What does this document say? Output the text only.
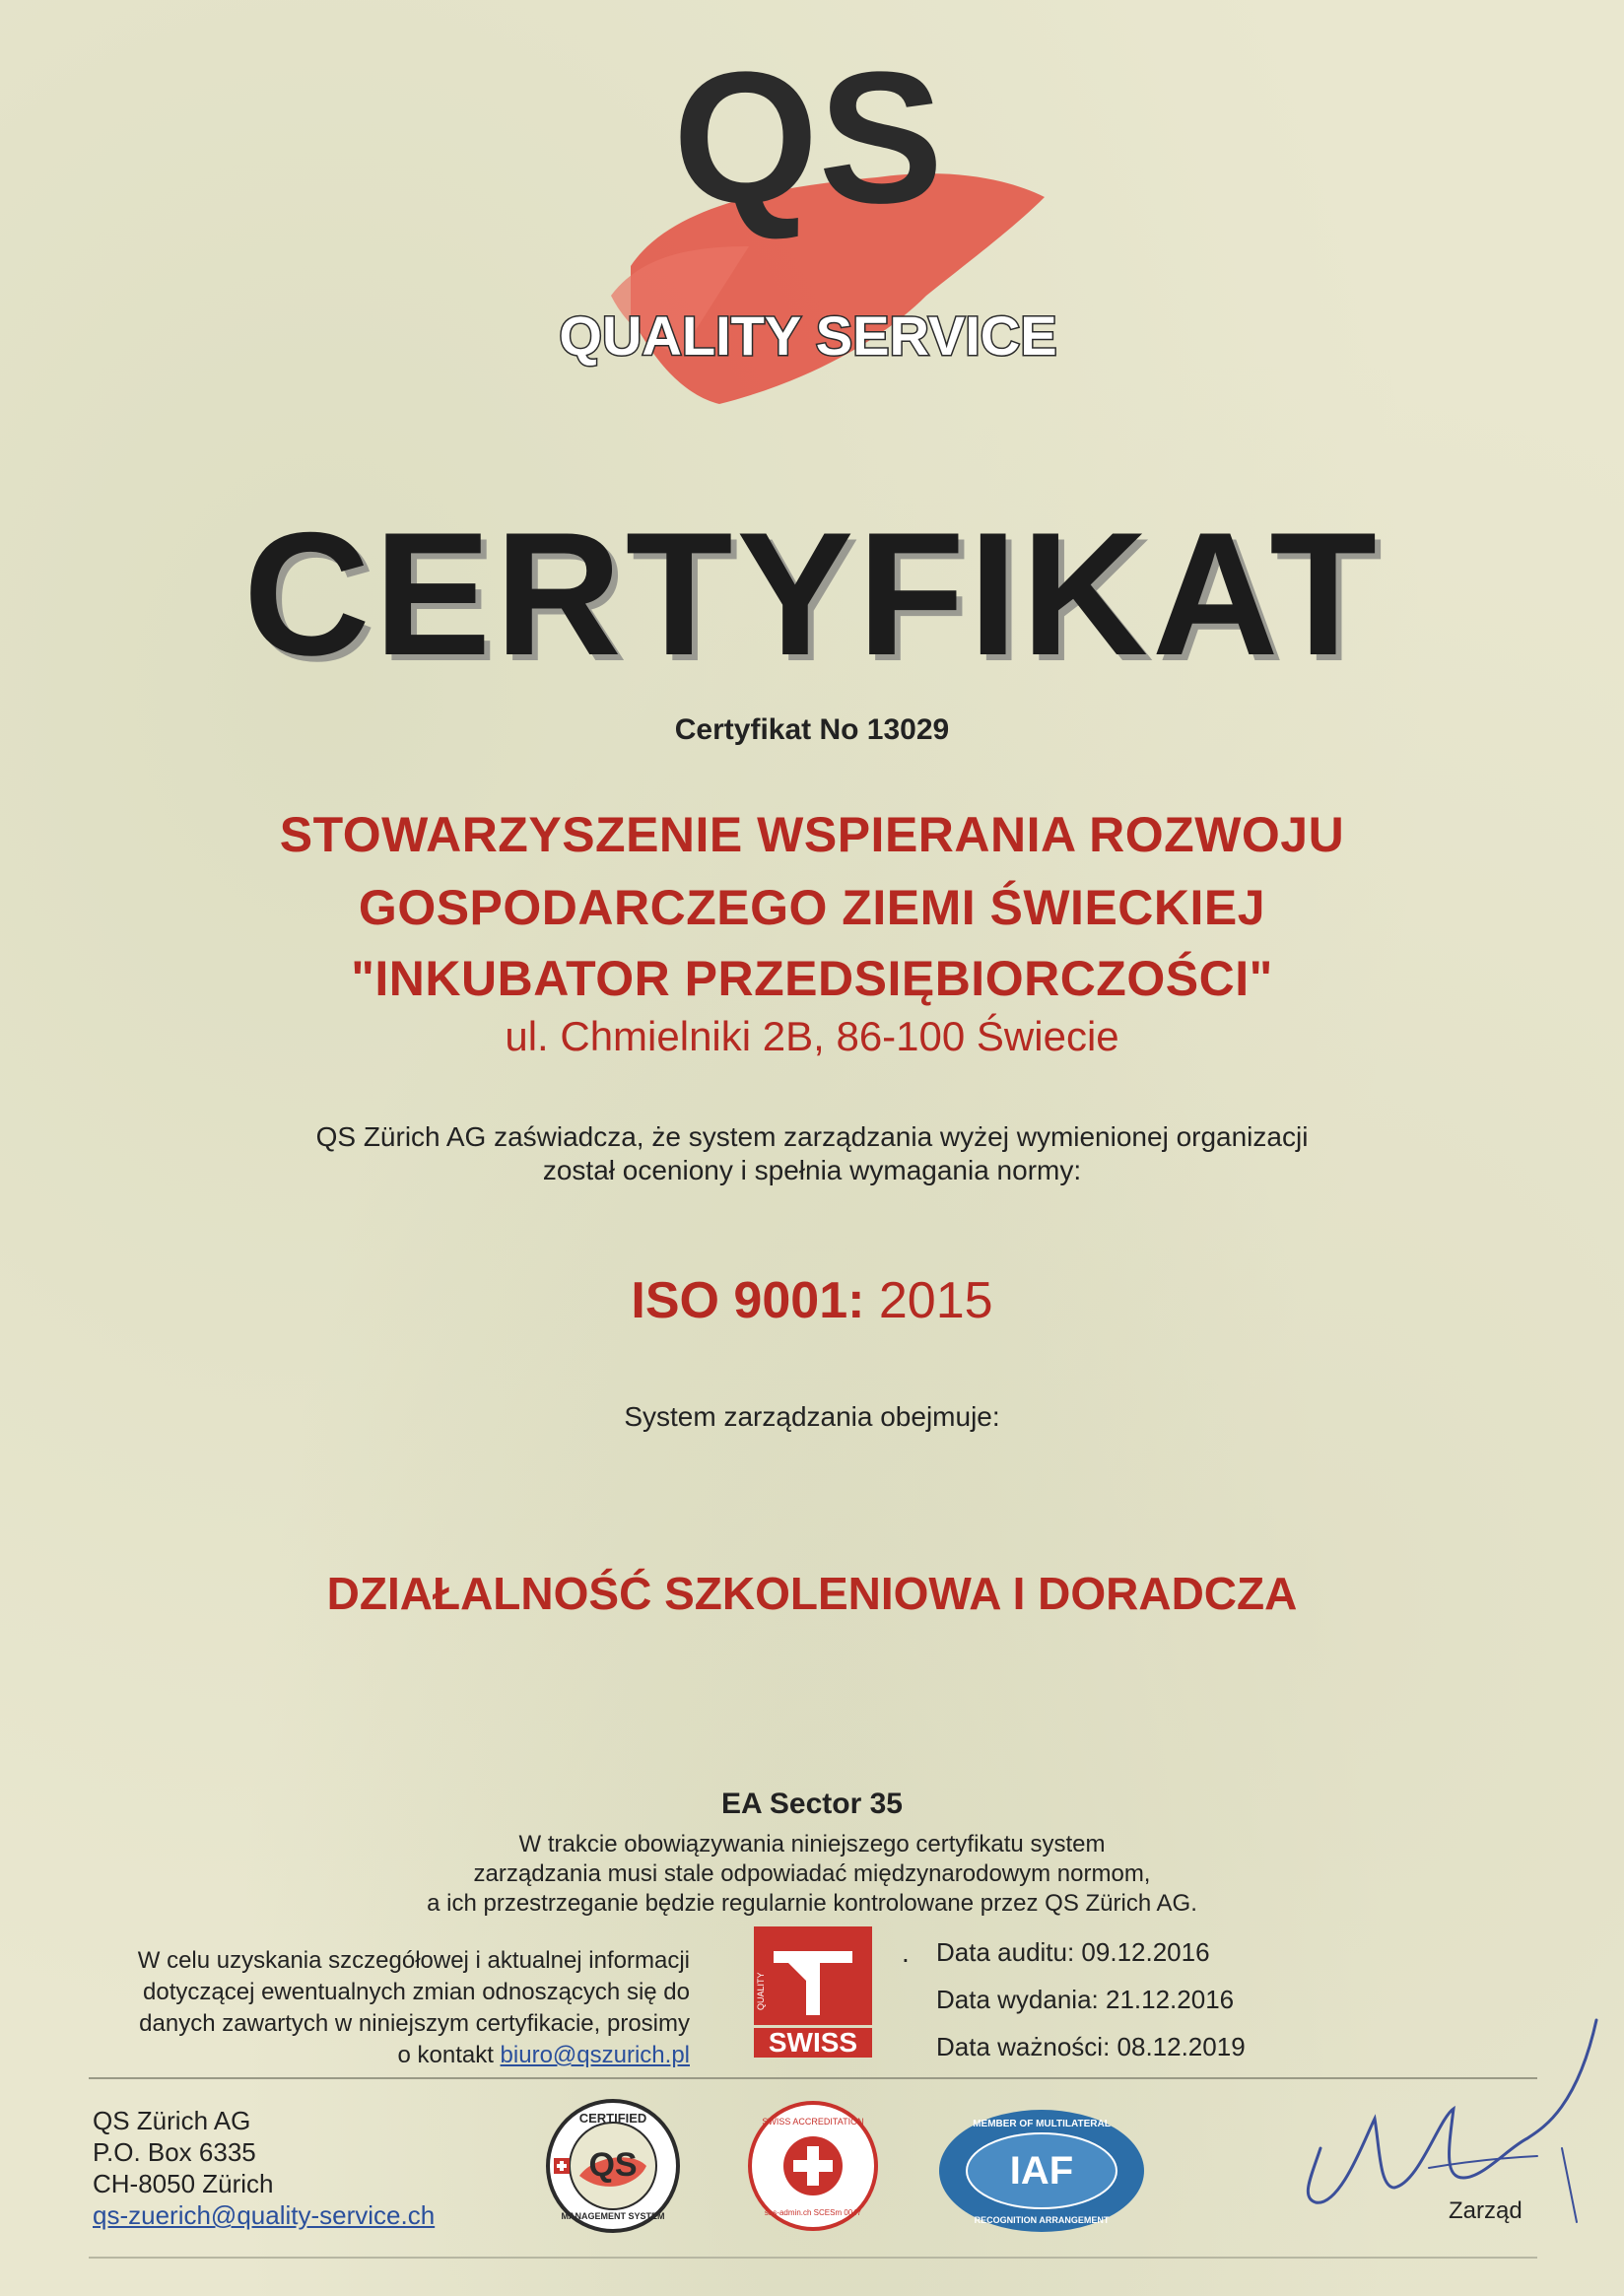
QS
QUALITY SERVICE
CERTYFIKAT
Certyfikat No 13029
STOWARZYSZENIE WSPIERANIA ROZWOJU
GOSPODARCZEGO ZIEMI ŚWIECKIEJ
"INKUBATOR PRZEDSIĘBIORCZOŚCI"
ul. Chmielniki 2B, 86-100 Świecie
QS Zürich AG zaświadcza, że system zarządzania wyżej wymienionej organizacji
został oceniony i spełnia wymagania normy:
ISO 9001: 2015
System zarządzania obejmuje:
DZIAŁALNOŚĆ SZKOLENIOWA I DORADCZA
EA Sector 35
W trakcie obowiązywania niniejszego certyfikatu system
zarządzania musi stale odpowiadać międzynarodowym normom,
a ich przestrzeganie będzie regularnie kontrolowane przez QS Zürich AG.
W celu uzyskania szczegółowej i aktualnej informacji
dotyczącej ewentualnych zmian odnoszących się do
danych zawartych w niniejszym certyfikacie, prosimy
o kontakt biuro@qszurich.pl
QUALITY
SWISS
. Data auditu: 09.12.2016
Data wydania: 21.12.2016
Data ważności: 08.12.2019
QS Zürich AG
P.O. Box 6335
CH-8050 Zürich
qs-zuerich@quality-service.ch
CERTIFIED
QS
MANAGEMENT SYSTEM
SWISS ACCREDITATION
sas-admin.ch SCESm 0047
IAF
MEMBER OF MULTILATERAL
RECOGNITION ARRANGEMENT	Zarząd
